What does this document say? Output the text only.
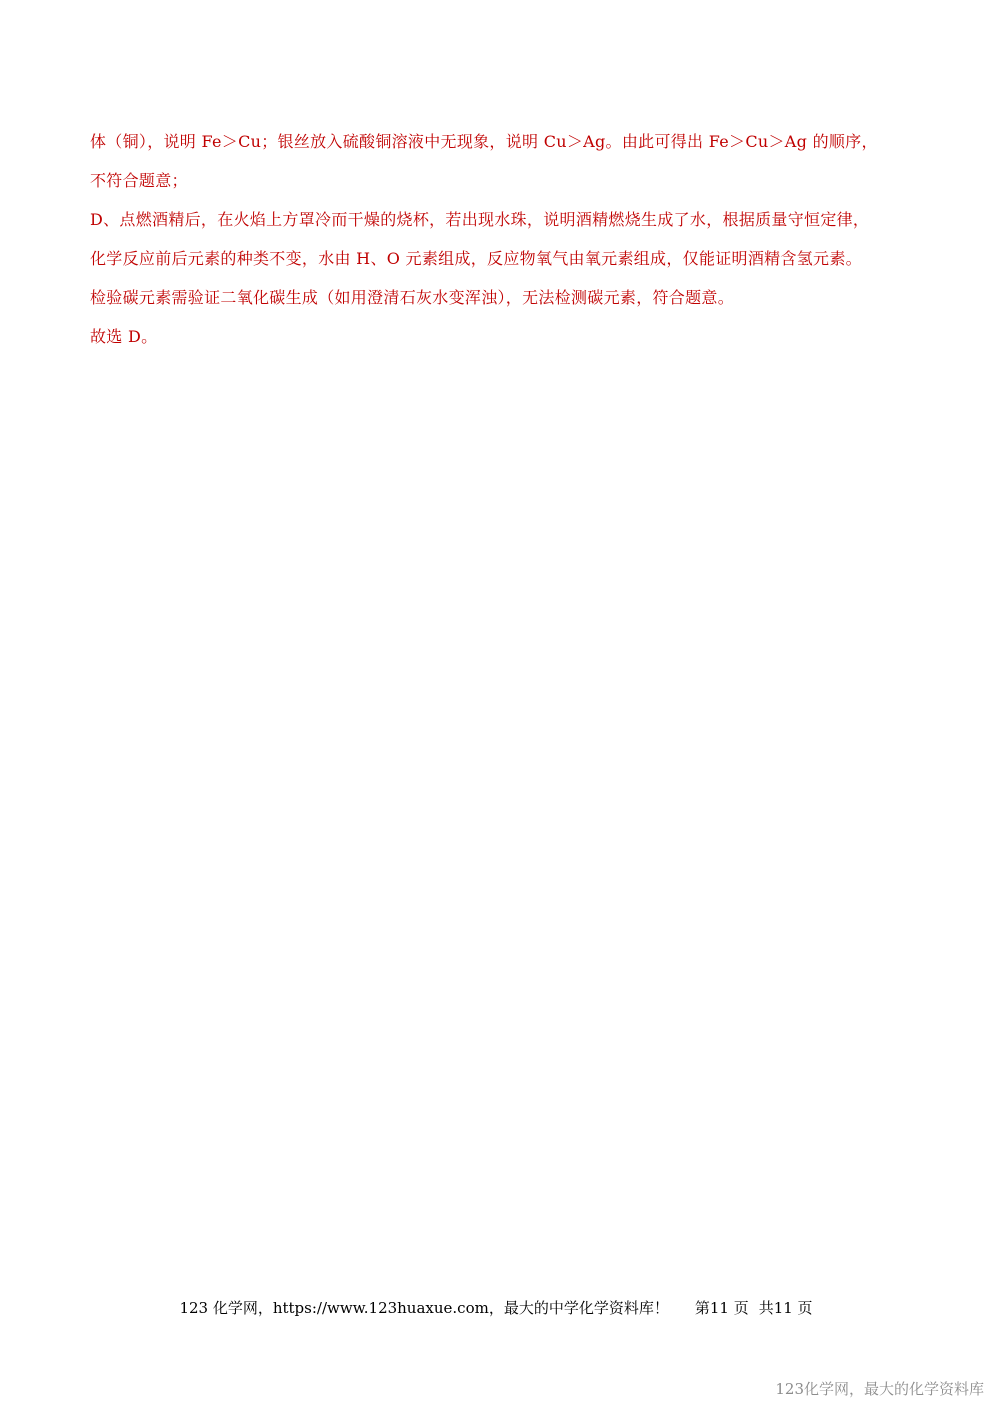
体（铜），说明 Fe＞Cu；银丝放入硫酸铜溶液中无现象，说明 Cu＞Ag。由此可得出 Fe＞Cu＞Ag 的顺序，

不符合题意；

D、点燃酒精后，在火焰上方罩冷而干燥的烧杯，若出现水珠，说明酒精燃烧生成了水，根据质量守恒定律，

化学反应前后元素的种类不变，水由 H、O 元素组成，反应物氧气由氧元素组成，仅能证明酒精含氢元素。

检验碳元素需验证二氧化碳生成（如用澄清石灰水变浑浊），无法检测碳元素，符合题意。

故选 D。

123 化学网，https://www.123huaxue.com，最大的中学化学资料库！ 第11 页 共11 页
123化学网，最大的化学资料库
